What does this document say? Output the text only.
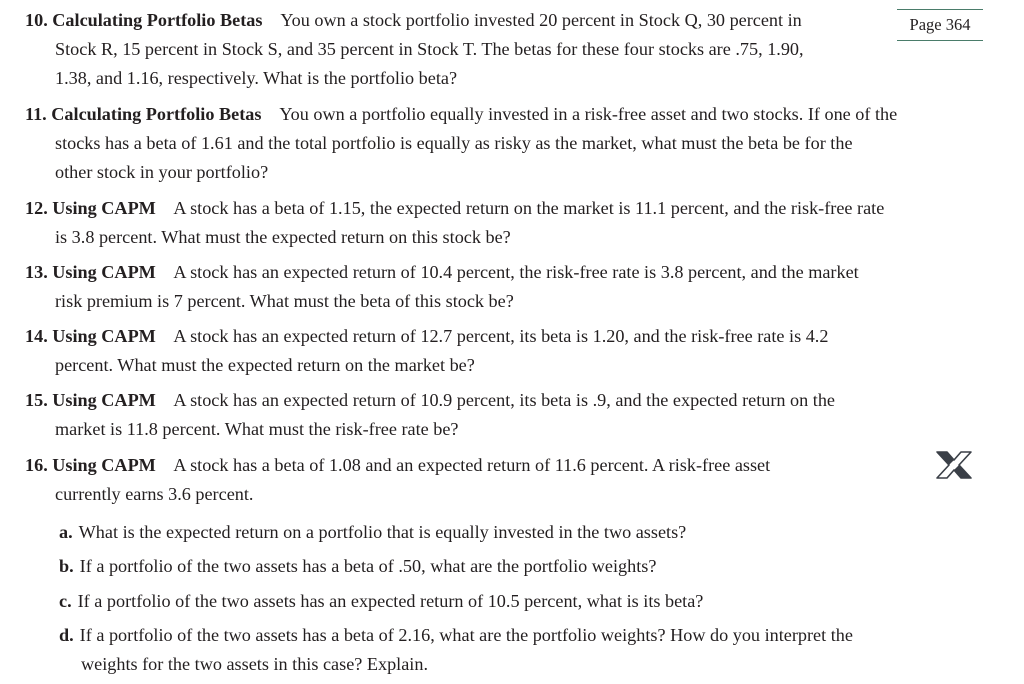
Page 364
10. Calculating Portfolio Betas You own a stock portfolio invested 20 percent in Stock Q, 30 percent in
Stock R, 15 percent in Stock S, and 35 percent in Stock T. The betas for these four stocks are .75, 1.90,
1.38, and 1.16, respectively. What is the portfolio beta?
11. Calculating Portfolio Betas You own a portfolio equally invested in a risk-free asset and two stocks. If one of the
stocks has a beta of 1.61 and the total portfolio is equally as risky as the market, what must the beta be for the
other stock in your portfolio?
12. Using CAPM A stock has a beta of 1.15, the expected return on the market is 11.1 percent, and the risk-free rate
is 3.8 percent. What must the expected return on this stock be?
13. Using CAPM A stock has an expected return of 10.4 percent, the risk-free rate is 3.8 percent, and the market
risk premium is 7 percent. What must the beta of this stock be?
14. Using CAPM A stock has an expected return of 12.7 percent, its beta is 1.20, and the risk-free rate is 4.2
percent. What must the expected return on the market be?
15. Using CAPM A stock has an expected return of 10.9 percent, its beta is .9, and the expected return on the
market is 11.8 percent. What must the risk-free rate be?
16. Using CAPM A stock has a beta of 1.08 and an expected return of 11.6 percent. A risk-free asset
currently earns 3.6 percent.
a. What is the expected return on a portfolio that is equally invested in the two assets?
b. If a portfolio of the two assets has a beta of .50, what are the portfolio weights?
c. If a portfolio of the two assets has an expected return of 10.5 percent, what is its beta?
d. If a portfolio of the two assets has a beta of 2.16, what are the portfolio weights? How do you interpret the
weights for the two assets in this case? Explain.
